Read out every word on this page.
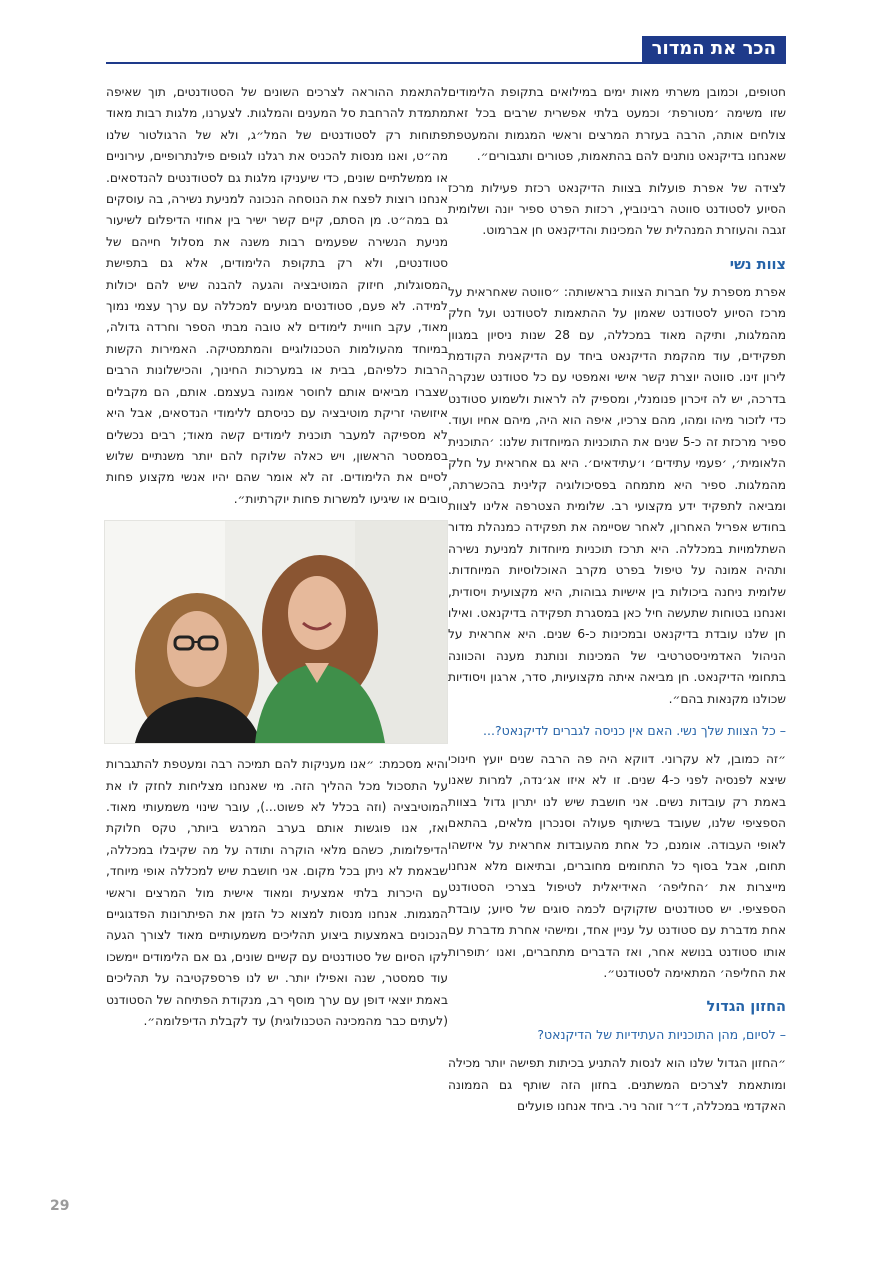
הכר את המדור

חטופים, וכמובן משרתי מאות ימים במילואים בתקופת הלימודים שזו משימה ׳מטורפת׳ וכמעט בלתי אפשרית שרבים בכל זאת צולחים אותה, הרבה בעזרת המרצים וראשי המגמות והמעטפת שאנחנו בדיקנאט נותנים להם בהתאמות, פטורים ותגבורים״.

לצידה של אפרת פועלות בצוות הדיקנאט רכזת פעילות מרכז הסיוע לסטודנט סווטה רבינוביץ, רכזות הפרט ספיר יונה ושלומית זגבה והעוזרת המנהלית של המכינות והדיקנאט חן אברמוט.

צוות נשי

אפרת מספרת על חברות הצוות בראשותה: ״סווטה שאחראית על מרכז הסיוע לסטודנט שאמון על ההתאמות לסטודנט ועל חלק מהמלגות, ותיקה מאוד במכללה, עם 28 שנות ניסיון במגוון תפקידים, עוד מהקמת הדיקנאט ביחד עם הדיקאנית הקודמת לירון זינו. סווטה יוצרת קשר אישי ואמפטי עם כל סטודנט שנקרה בדרכה, יש לה זיכרון פנומנלי, ומספיק לה לראות ולשמוע סטודנט כדי לזכור מיהו ומהו, מהם צרכיו, איפה הוא היה, מיהם אחיו ועוד. ספיר מרכזת זה כ-5 שנים את התוכניות המיוחדות שלנו: ׳התוכנית הלאומית׳, ׳פעמי עתידים׳ ו׳עתידאים׳. היא גם אחראית על חלק מהמלגות. ספיר היא מתמחה בפסיכולוגיה קלינית בהכשרתה, ומביאה לתפקיד ידע מקצועי רב. שלומית הצטרפה אלינו לצוות בחודש אפריל האחרון, לאחר שסיימה את תפקידה כמנהלת מדור השתלמויות במכללה. היא תרכז תוכניות מיוחדות למניעת נשירה ותהיה אמונה על טיפול בפרט מקרב האוכלוסיות המיוחדות. שלומית ניחנה ביכולות בין אישיות גבוהות, היא מקצועית ויסודית, ואנחנו בטוחות שתעשה חיל כאן במסגרת תפקידה בדיקנאט. ואילו חן שלנו עובדת בדיקנאט ובמכינות כ-6 שנים. היא אחראית על הניהול האדמיניסטרטיבי של המכינות ונותנת מענה והכוונה בתחומי הדיקנאט. חן מביאה איתה מקצועיות, סדר, ארגון ויסודיות שכולנו מקנאות בהם״.

– כל הצוות שלך נשי. האם אין כניסה לגברים לדיקנאט?...

״זה כמובן, לא עקרוני. דווקא היה פה הרבה שנים יועץ חינוכי שיצא לפנסיה לפני כ-4 שנים. זו לא איזו אג׳נדה, למרות שאנו באמת רק עובדות נשים. אני חושבת שיש לנו יתרון גדול בצוות הספציפי שלנו, שעובד בשיתוף פעולה וסנכרון מלאים, בהתאם לאופי העבודה. אומנם, כל אחת מהעובדות אחראית על איזשהו תחום, אבל בסוף כל התחומים מחוברים, ובתיאום מלא אנחנו מייצרות את ׳החליפה׳ האידיאלית לטיפול בצרכי הסטודנט הספציפי. יש סטודנטים שזקוקים לכמה סוגים של סיוע; עובדת אחת מדברת עם סטודנט על עניין אחד, ומישהי אחרת מדברת עם אותו סטודנט בנושא אחר, ואז הדברים מתחברים, ואנו ׳תופרות את החליפה׳ המתאימה לסטודנט״.

החזון הגדול
– לסיום, מהן התוכניות העתידיות של הדיקנאט?

״החזון הגדול שלנו הוא לנסות להתניע בכיתות תפישה יותר מכילה ומותאמת לצרכים המשתנים. בחזון הזה שותף גם הממונה האקדמי במכללה, ד״ר זוהר ניר. ביחד אנחנו פועלים

להתאמת ההוראה לצרכים השונים של הסטודנטים, תוך שאיפה מתמדת להרחבת סל המענים והמלגות. לצערנו, מלגות רבות מאוד פתוחות רק לסטודנטים של המל״ג, ולא של הרגולטור שלנו מה״ט, ואנו מנסות להכניס את רגלנו לגופים פילנתרופיים, עירוניים או ממשלתיים שונים, כדי שיעניקו מלגות גם לסטודנטים להנדסאים. אנחנו רוצות לפצח את הנוסחה הנכונה למניעת נשירה, בה עוסקים גם במה״ט. מן הסתם, קיים קשר ישיר בין אחוזי הדיפלום לשיעור מניעת הנשירה שפעמים רבות משנה את מסלול חייהם של סטודנטים, ולא רק בתקופת הלימודים, אלא גם בתפישת המסוגלות, חיזוק המוטיבציה והגעה להבנה שיש להם יכולות למידה. לא פעם, סטודנטים מגיעים למכללה עם ערך עצמי נמוך מאוד, עקב חוויית לימודים לא טובה מבתי הספר וחרדה גדולה, במיוחד מהעולמות הטכנולוגיים והמתמטיקה. האמירות הקשות הרבות כלפיהם, בבית או במערכות החינוך, והכישלונות הרבים שצברו מביאים אותם לחוסר אמונה בעצמם. אותם, הם מקבלים איזושהי זריקת מוטיבציה עם כניסתם ללימודי הנדסאים, אבל היא לא מספיקה למעבר תוכנית לימודים קשה מאוד; רבים נכשלים בסמסטר הראשון, ויש כאלה שלוקח להם יותר משנתיים שלוש לסיים את הלימודים. זה לא אומר שהם יהיו אנשי מקצוע פחות טובים או שיגיעו למשרות פחות יוקרתיות״.

והיא מסכמת: ״אנו מעניקות להם תמיכה רבה ומעטפת להתגברות על התסכול מכל ההליך הזה. מי שאנחנו מצליחות לחזק לו את המוטיבציה (וזה בכלל לא פשוט...), עובר שינוי משמעותי מאוד. ואז, אנו פוגשות אותם בערב המרגש ביותר, טקס חלוקת הדיפלומות, כשהם מלאי הוקרה ותודה על מה שקיבלו במכללה, שבאמת לא ניתן בכל מקום. אני חושבת שיש למכללה אופי מיוחד, עם היכרות בלתי אמצעית ומאוד אישית מול המרצים וראשי המגמות. אנחנו מנסות למצוא כל הזמן את הפיתרונות הפדגוגיים הנכונים באמצעות ביצוע תהליכים משמעותיים מאוד לצורך הגעה לקו הסיום של סטודנטים עם קשיים שונים, גם אם הלימודים יימשכו עוד סמסטר, שנה ואפילו יותר. יש לנו פרספקטיבה על תהליכים באמת יוצאי דופן עם ערך מוסף רב, מנקודת הפתיחה של הסטודנט (לעתים כבר מהמכינה הטכנולוגית) עד לקבלת הדיפלומה״.

29
